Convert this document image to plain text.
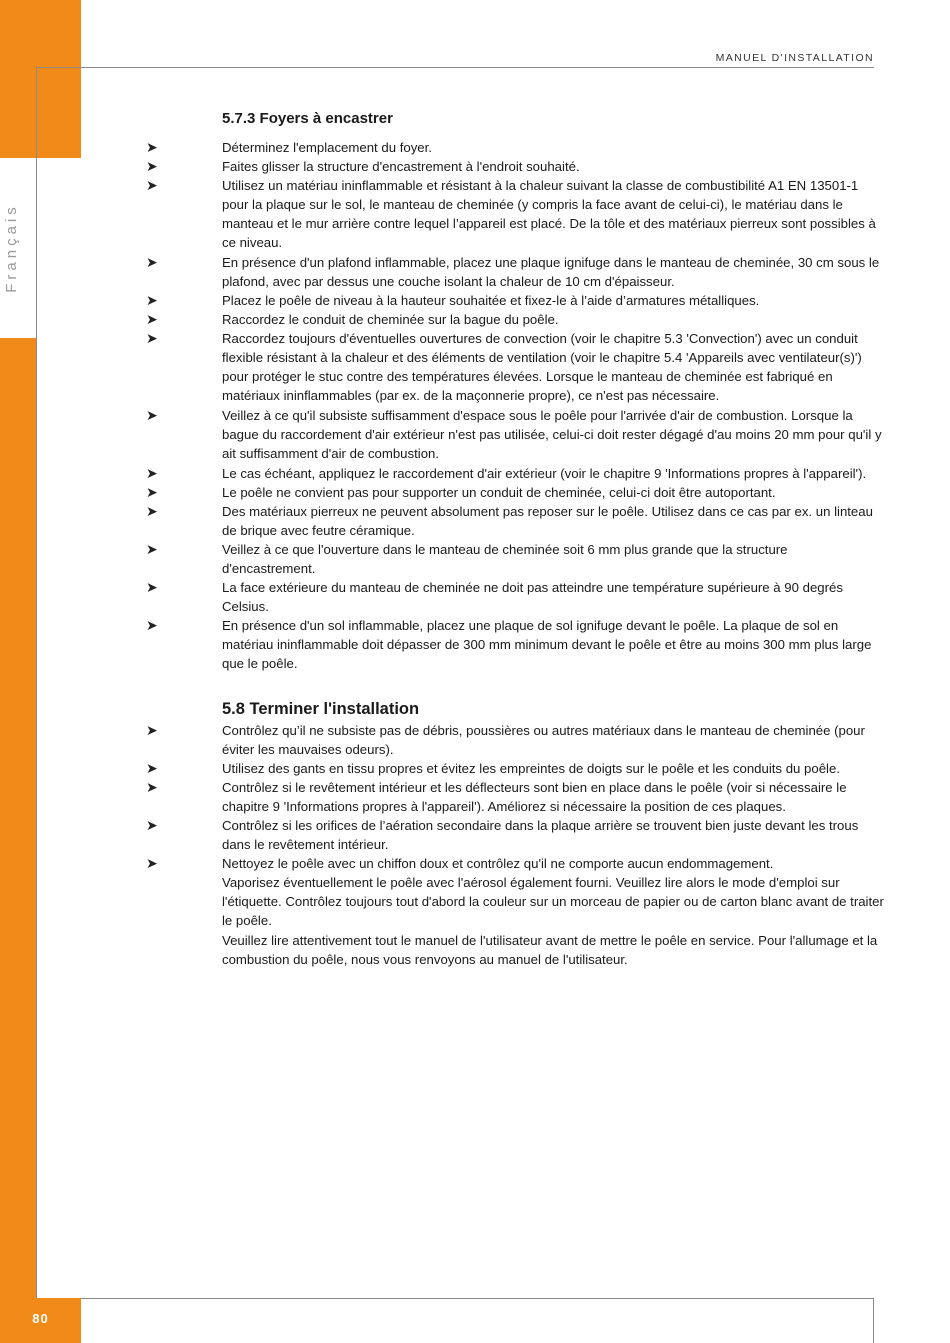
80
Français
MANUEL D'INSTALLATION
5.7.3 Foyers à encastrer
➤	Déterminez l'emplacement du foyer.
➤	Faites glisser la structure d'encastrement à l'endroit souhaité.
➤	Utilisez un matériau ininflammable et résistant à la chaleur suivant la classe de combustibilité A1 EN 13501-1 pour la plaque sur le sol, le manteau de cheminée (y compris la face avant de celui-ci), le matériau dans le manteau et le mur arrière contre lequel l’appareil est placé. De la tôle et des matériaux pierreux sont possibles à ce niveau.
➤	En présence d'un plafond inflammable, placez une plaque ignifuge dans le manteau de cheminée, 30 cm sous le plafond, avec par dessus une couche isolant la chaleur de 10 cm d'épaisseur.
➤	Placez le poêle de niveau à la hauteur souhaitée et fixez-le à l’aide d’armatures métalliques.
➤	Raccordez le conduit de cheminée sur la bague du poêle.
➤	Raccordez toujours d'éventuelles ouvertures de convection (voir le chapitre 5.3 'Convection') avec un conduit flexible résistant à la chaleur et des éléments de ventilation (voir le chapitre 5.4 'Appareils avec ventilateur(s)') pour protéger le stuc contre des températures élevées. Lorsque le manteau de cheminée est fabriqué en matériaux ininflammables (par ex. de la maçonnerie propre), ce n'est pas nécessaire.
➤	Veillez à ce qu'il subsiste suffisamment d'espace sous le poêle pour l'arrivée d'air de combustion. Lorsque la bague du raccordement d'air extérieur n'est pas utilisée, celui-ci doit rester dégagé d'au moins 20 mm pour qu'il y ait suffisamment d'air de combustion.
➤	Le cas échéant, appliquez le raccordement d'air extérieur (voir le chapitre 9 'Informations propres à l'appareil').
➤	Le poêle ne convient pas pour supporter un conduit de cheminée, celui-ci doit être autoportant.
➤	Des matériaux pierreux ne peuvent absolument pas reposer sur le poêle. Utilisez dans ce cas par ex. un linteau de brique avec feutre céramique.
➤	Veillez à ce que l'ouverture dans le manteau de cheminée soit 6 mm plus grande que la structure d'encastrement.
➤	La face extérieure du manteau de cheminée ne doit pas atteindre une température supérieure à 90 degrés Celsius.
➤	En présence d'un sol inflammable, placez une plaque de sol ignifuge devant le poêle. La plaque de sol en matériau ininflammable doit dépasser de 300 mm minimum devant le poêle et être au moins 300 mm plus large que le poêle.
5.8 Terminer l'installation
➤	Contrôlez qu’il ne subsiste pas de débris, poussières ou autres matériaux dans le manteau de cheminée (pour éviter les mauvaises odeurs).
➤	Utilisez des gants en tissu propres et évitez les empreintes de doigts sur le poêle et les conduits du poêle.
➤	Contrôlez si le revêtement intérieur et les déflecteurs sont bien en place dans le poêle (voir si nécessaire le chapitre 9 'Informations propres à l'appareil'). Améliorez si nécessaire la position de ces plaques.
➤	Contrôlez si les orifices de l’aération secondaire dans la plaque arrière se trouvent bien juste devant les trous dans le revêtement intérieur.
➤	Nettoyez le poêle avec un chiffon doux et contrôlez qu'il ne comporte aucun endommagement.
Vaporisez éventuellement le poêle avec l'aérosol également fourni. Veuillez lire alors le mode d'emploi sur l'étiquette. Contrôlez toujours tout d'abord la couleur sur un morceau de papier ou de carton blanc avant de traiter le poêle.
Veuillez lire attentivement tout le manuel de l'utilisateur avant de mettre le poêle en service. Pour l'allumage et la combustion du poêle, nous vous renvoyons au manuel de l'utilisateur.
